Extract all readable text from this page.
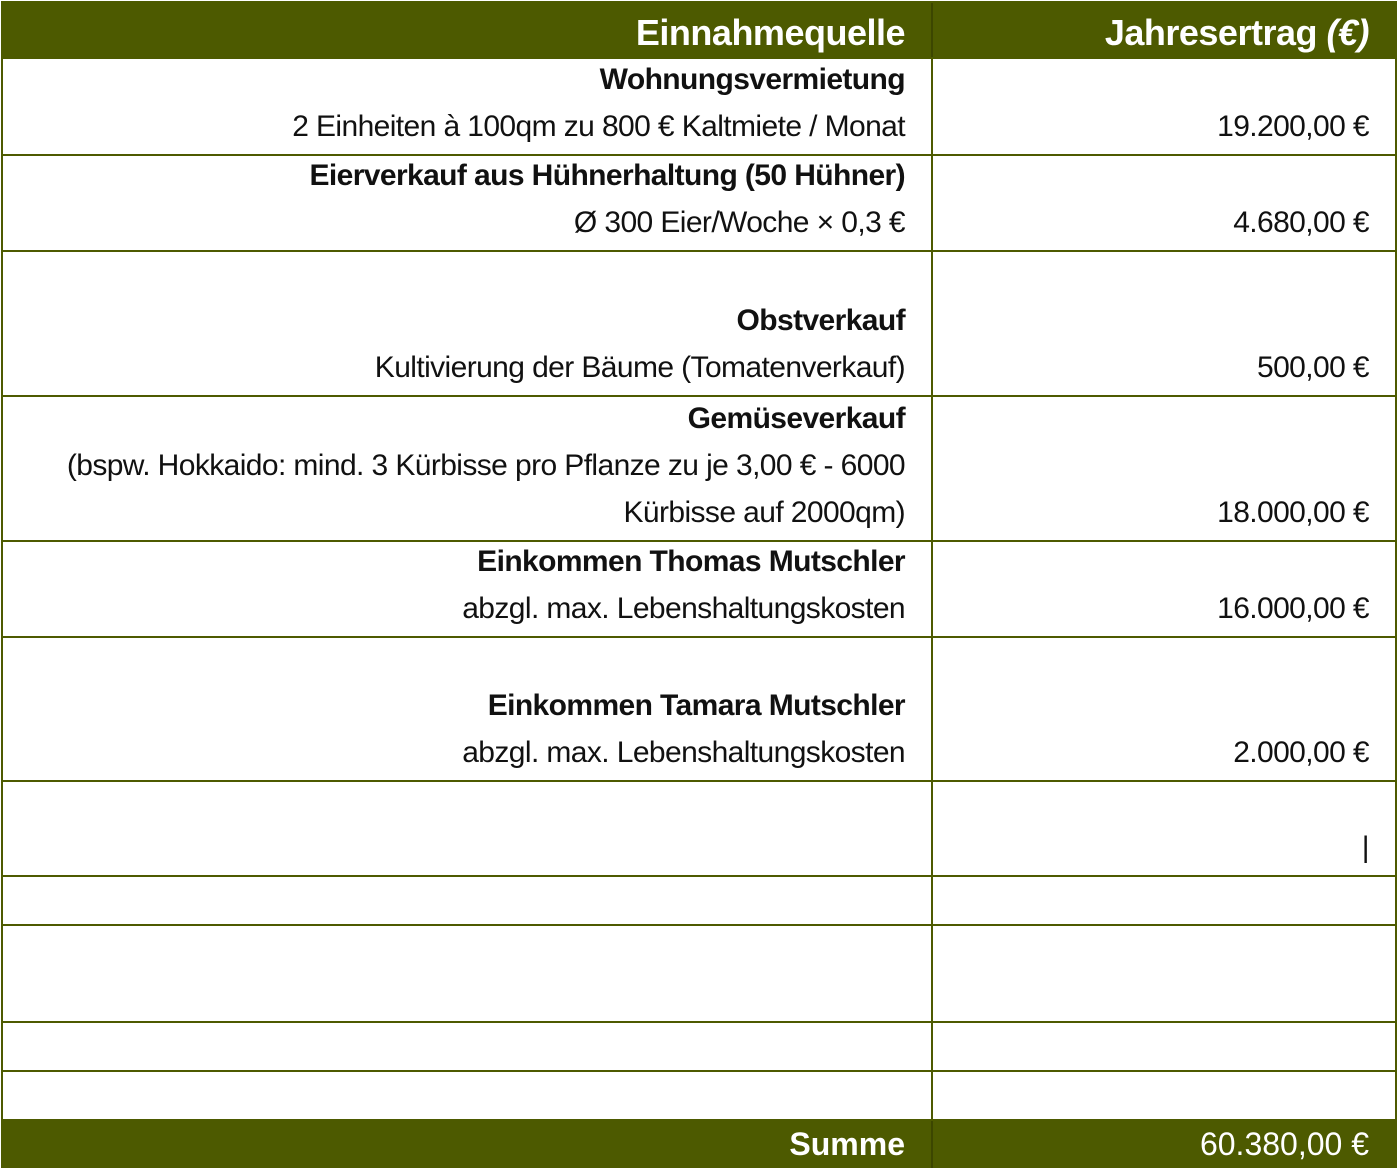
Einnahmequelle	Jahresertrag (€)
Wohnungsvermietung
2 Einheiten à 100qm zu 800 € Kaltmiete / Monat	19.200,00 €
Eierverkauf aus Hühnerhaltung (50 Hühner)
Ø 300 Eier/Woche × 0,3 €	4.680,00 €
Obstverkauf
Kultivierung der Bäume (Tomatenverkauf)	500,00 €
Gemüseverkauf
(bspw. Hokkaido: mind. 3 Kürbisse pro Pflanze zu je 3,00 € - 6000
Kürbisse auf 2000qm)	18.000,00 €
Einkommen Thomas Mutschler
abzgl. max. Lebenshaltungskosten	16.000,00 €
Einkommen Tamara Mutschler
abzgl. max. Lebenshaltungskosten	2.000,00 €
|
Summe	60.380,00 €
